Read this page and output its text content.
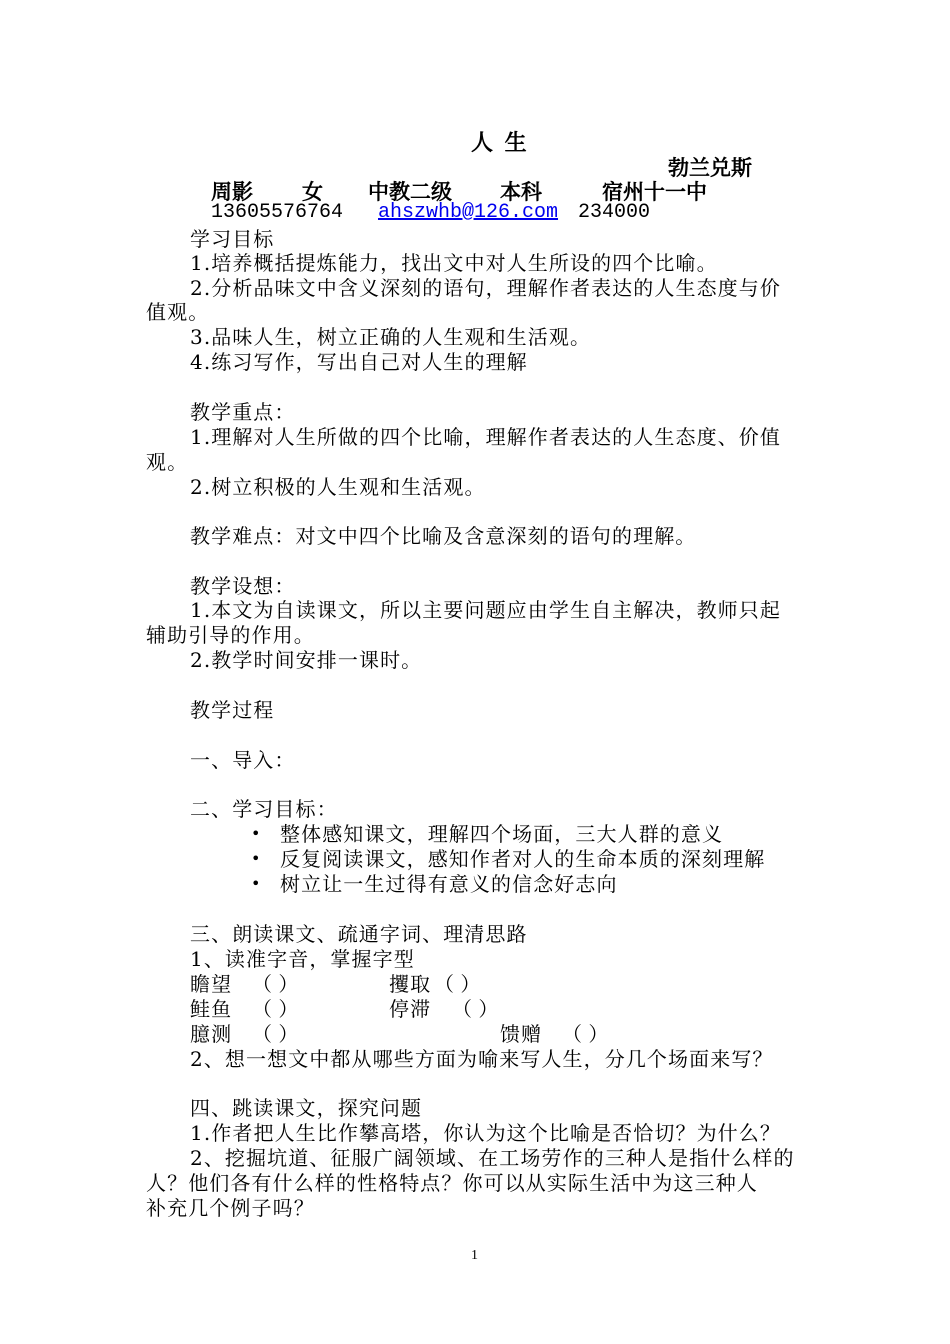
人 生
勃兰兑斯
周影 女 中教二级 本科	宿州十一中
13605576764 ahszwhb@126.com 234000
学习目标
1.培养概括提炼能力，找出文中对人生所设的四个比喻。
2.分析品味文中含义深刻的语句，理解作者表达的人生态度与价
值观。
3.品味人生，树立正确的人生观和生活观。
4.练习写作，写出自己对人生的理解
教学重点：
1.理解对人生所做的四个比喻，理解作者表达的人生态度、价值
观。
2.树立积极的人生观和生活观。
教学难点：对文中四个比喻及含意深刻的语句的理解。
教学设想：
1.本文为自读课文，所以主要问题应由学生自主解决，教师只起
辅助引导的作用。
2.教学时间安排一课时。
教学过程
一、导入：
二、学习目标：
• 整体感知课文，理解四个场面，三大人群的意义
• 反复阅读课文，感知作者对人的生命本质的深刻理解
• 树立让一生过得有意义的信念好志向
三、朗读课文、疏通字词、理清思路
1、读准字音，掌握字型
瞻望 （ ）	攫取 （ ）
鲑鱼 （ ）	停滞 （ ）
臆测 （ ）	馈赠 （ ）
2、想一想文中都从哪些方面为喻来写人生，分几个场面来写？
四、跳读课文，探究问题
1.作者把人生比作攀高塔，你认为这个比喻是否恰切？为什么？
2、挖掘坑道、征服广阔领域、在工场劳作的三种人是指什么样的
人？他们各有什么样的性格特点？你可以从实际生活中为这三种人
补充几个例子吗？
1
